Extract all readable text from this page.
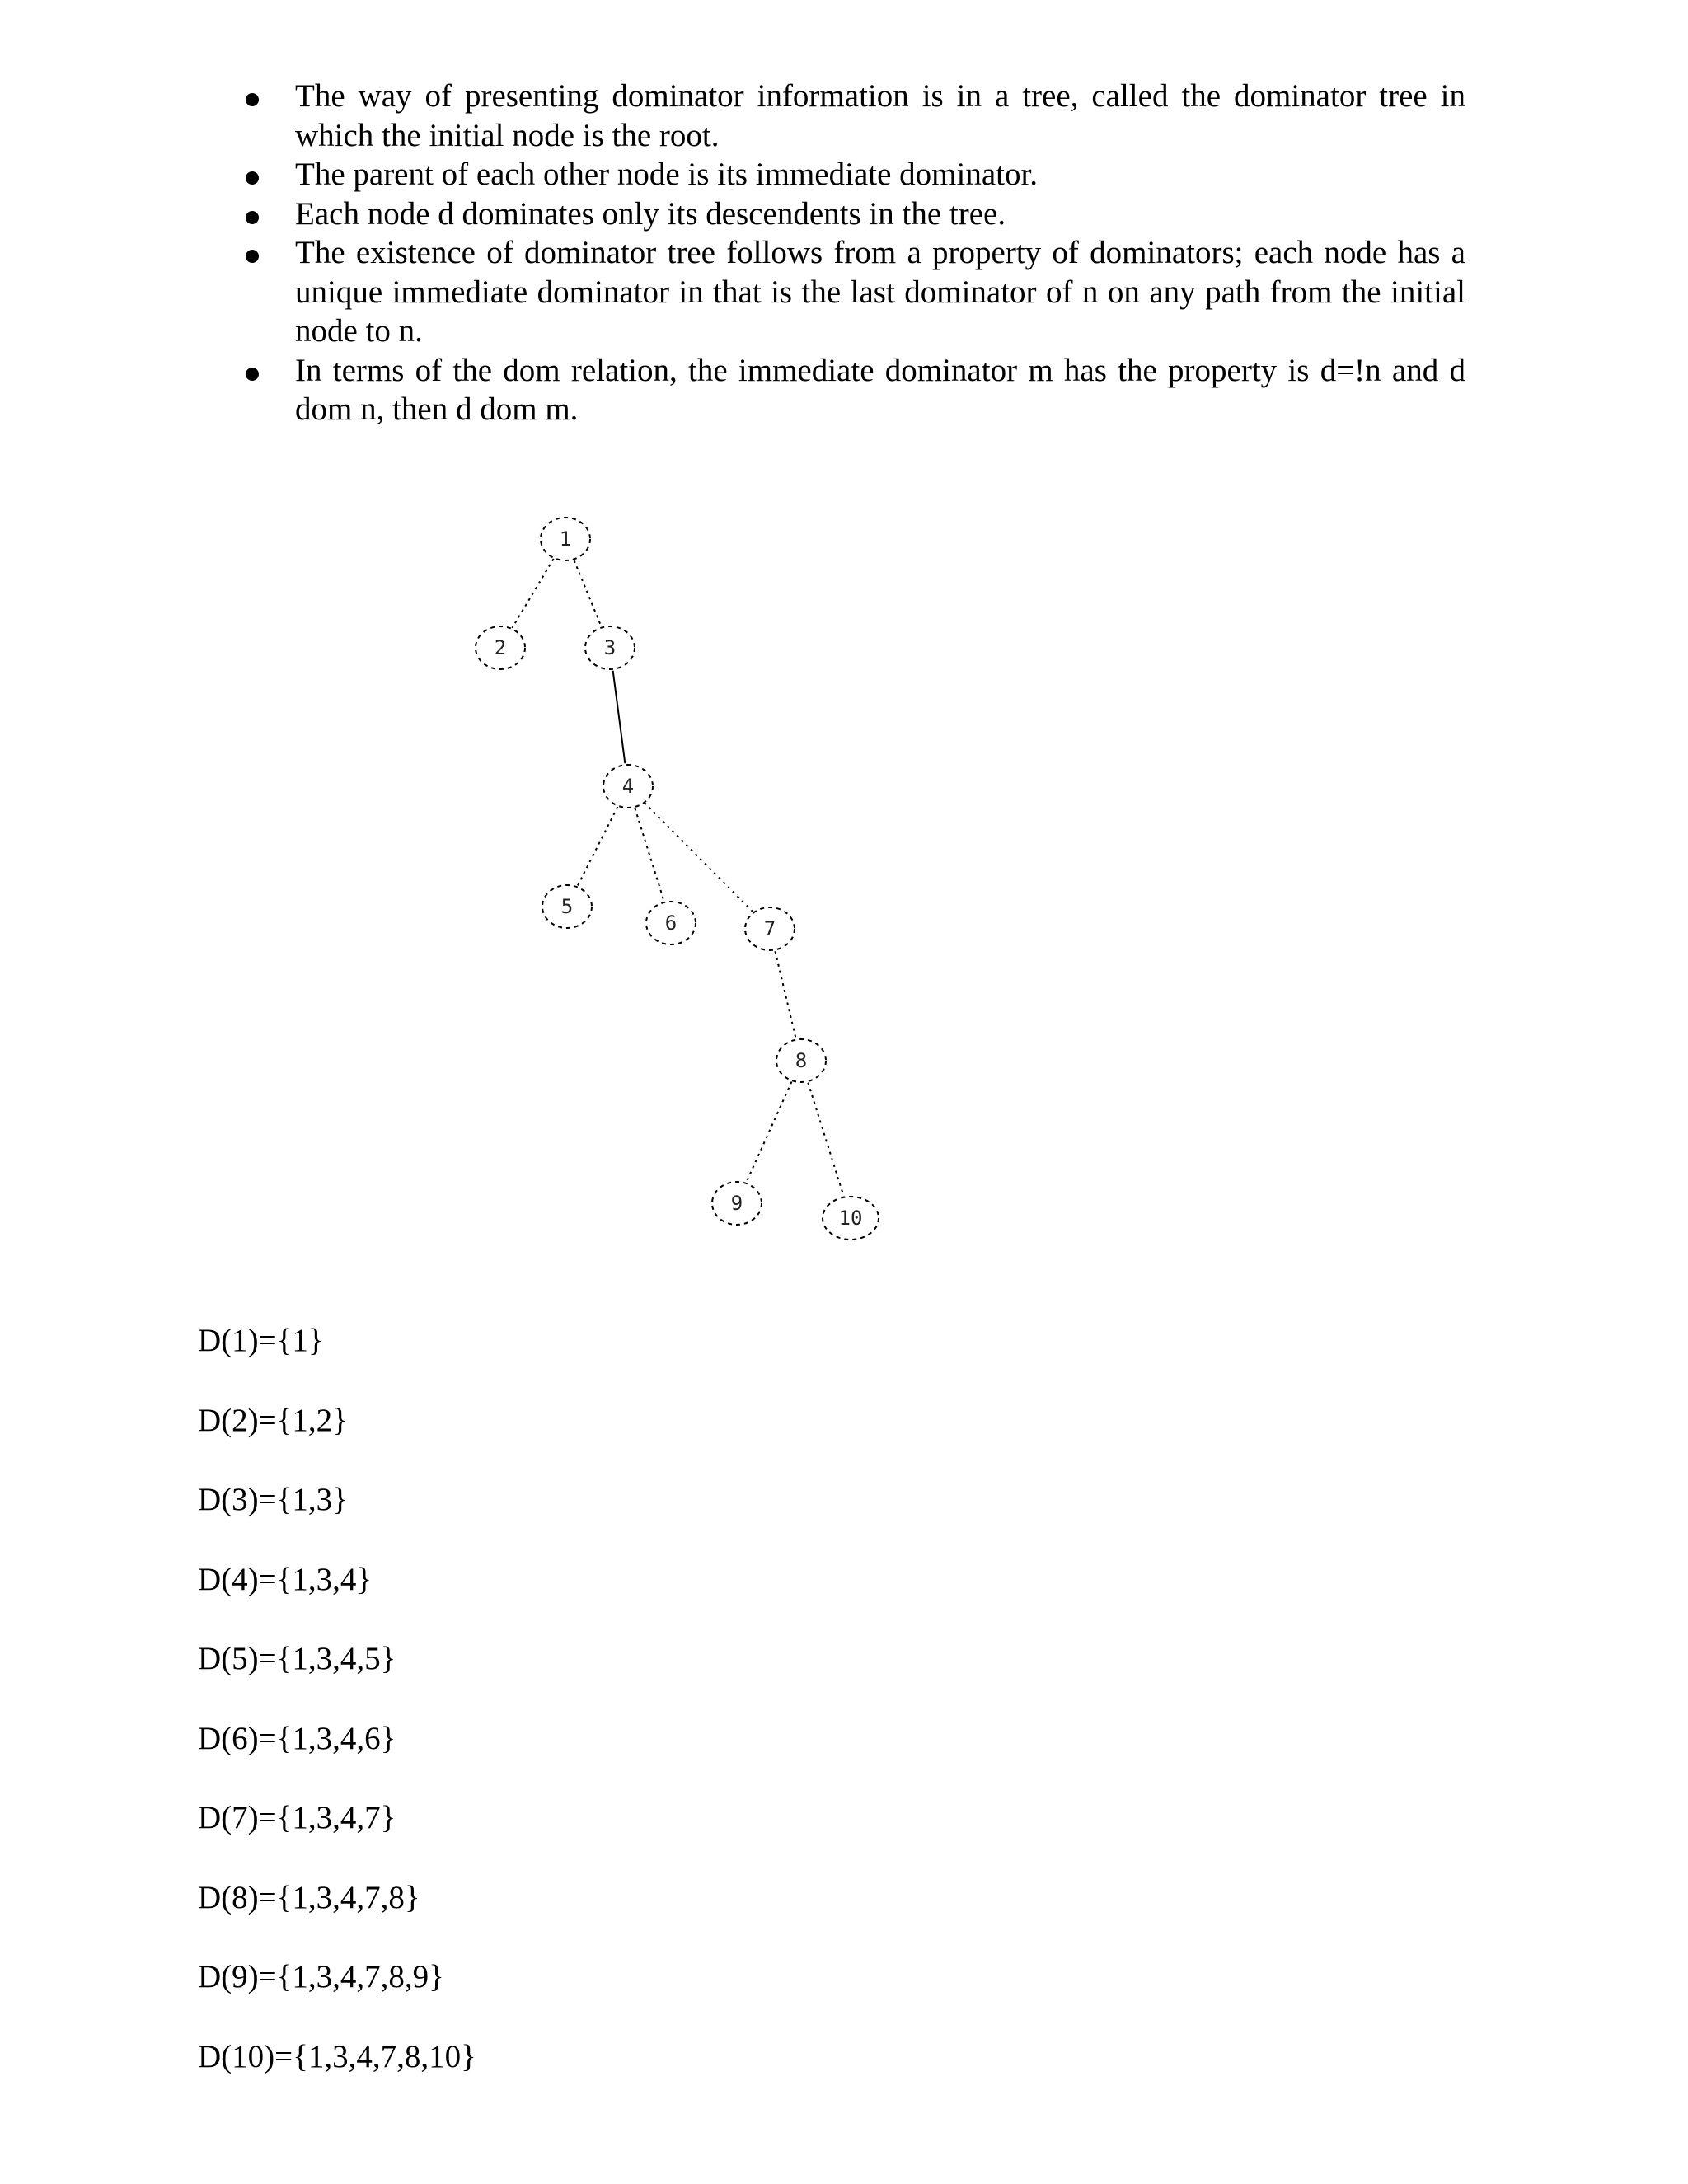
The way of presenting dominator information is in a tree, called the dominator tree in which the initial node is the root.
The parent of each other node is its immediate dominator.
Each node d dominates only its descendents in the tree.
The existence of dominator tree follows from a property of dominators; each node has a unique immediate dominator in that is the last dominator of n on any path from the initial node to n.
In terms of the dom relation, the immediate dominator m has the property is d=!n and d dom n, then d dom m.
1
2	3
4
5
6	7
8
9
10
D(1)={1}
D(2)={1,2}
D(3)={1,3}
D(4)={1,3,4}
D(5)={1,3,4,5}
D(6)={1,3,4,6}
D(7)={1,3,4,7}
D(8)={1,3,4,7,8}
D(9)={1,3,4,7,8,9}
D(10)={1,3,4,7,8,10}
